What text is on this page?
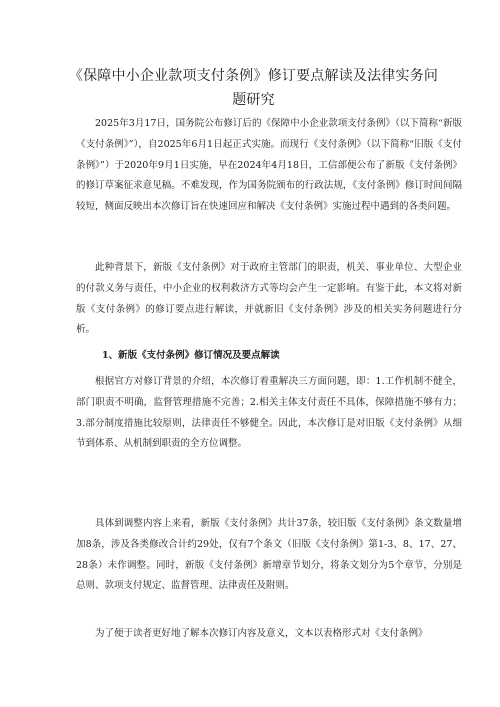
《保障中小企业款项支付条例》修订要点解读及法律实务问题研究

2025年3月17日，国务院公布修订后的《保障中小企业款项支付条例》（以下简称“新版《支付条例》”），自2025年6月1日起正式实施。而现行《支付条例》（以下简称“旧版《支付条例》”）于2020年9月1日实施，早在2024年4月18日，工信部便公布了新版《支付条例》的修订草案征求意见稿。不难发现，作为国务院颁布的行政法规，《支付条例》修订时间间隔较短，侧面反映出本次修订旨在快速回应和解决《支付条例》实施过程中遇到的各类问题。

此种背景下，新版《支付条例》对于政府主管部门的职责，机关、事业单位、大型企业的付款义务与责任，中小企业的权利救济方式等均会产生一定影响。有鉴于此，本文将对新版《支付条例》的修订要点进行解读，并就新旧《支付条例》涉及的相关实务问题进行分析。

1、新版《支付条例》修订情况及要点解读

根据官方对修订背景的介绍，本次修订着重解决三方面问题，即：1.工作机制不健全，部门职责不明确，监督管理措施不完善；2.相关主体支付责任不具体，保障措施不够有力；3.部分制度措施比较原则，法律责任不够健全。因此，本次修订是对旧版《支付条例》从细节到体系、从机制到职责的全方位调整。

具体到调整内容上来看，新版《支付条例》共计37条，较旧版《支付条例》条文数量增加8条，涉及各类修改合计约29处，仅有7个条文（旧版《支付条例》第1-3、8、17、27、28条）未作调整。同时，新版《支付条例》新增章节划分，将条文划分为5个章节，分别是总则、款项支付规定、监督管理、法律责任及附则。

为了便于读者更好地了解本次修订内容及意义，文本以表格形式对《支付条例》
